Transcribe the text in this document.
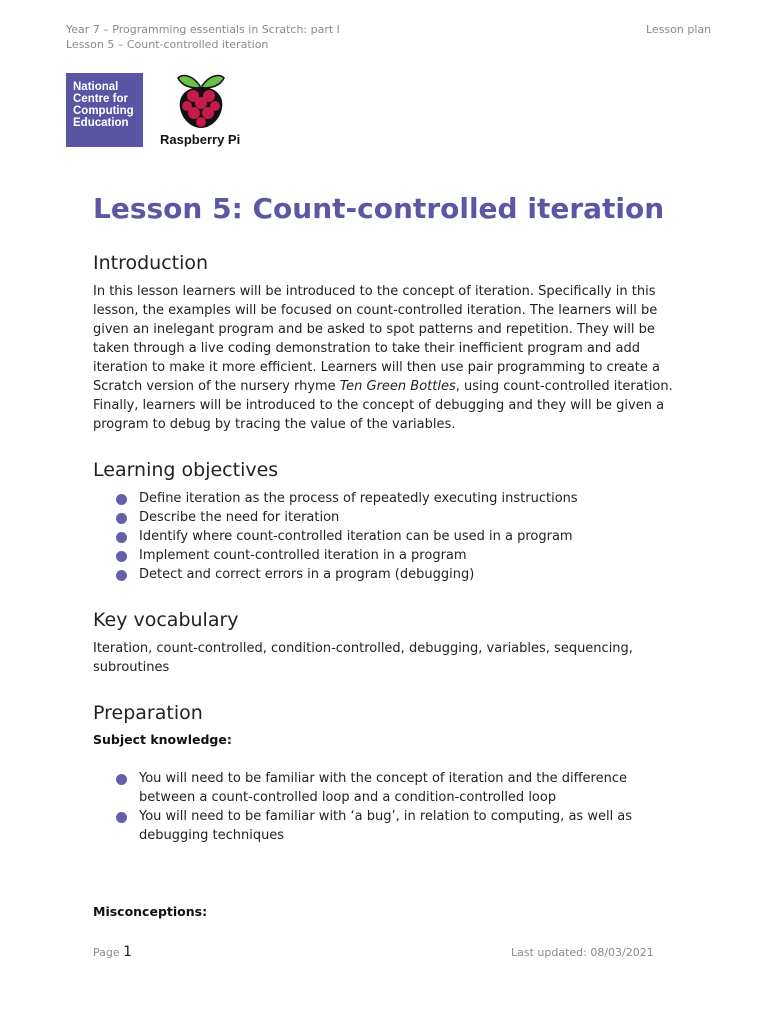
Year 7 – Programming essentials in Scratch: part I
Lesson 5 – Count-controlled iteration
Lesson plan
National Centre for Computing Education
Raspberry Pi
Lesson 5: Count-controlled iteration
Introduction

In this lesson learners will be introduced to the concept of iteration. Specifically in this lesson, the examples will be focused on count-controlled iteration. The learners will be given an inelegant program and be asked to spot patterns and repetition. They will be taken through a live coding demonstration to take their inefficient program and add iteration to make it more efficient. Learners will then use pair programming to create a Scratch version of the nursery rhyme Ten Green Bottles, using count-controlled iteration. Finally, learners will be introduced to the concept of debugging and they will be given a program to debug by tracing the value of the variables.

Learning objectives
Define iteration as the process of repeatedly executing instructions
Describe the need for iteration
Identify where count-controlled iteration can be used in a program
Implement count-controlled iteration in a program
Detect and correct errors in a program (debugging)
Key vocabulary

Iteration, count-controlled, condition-controlled, debugging, variables, sequencing, subroutines

Preparation
Subject knowledge:
You will need to be familiar with the concept of iteration and the difference between a count-controlled loop and a condition-controlled loop
You will need to be familiar with ‘a bug’, in relation to computing, as well as debugging techniques
Misconceptions:
Page 1	Last updated: 08/03/2021
